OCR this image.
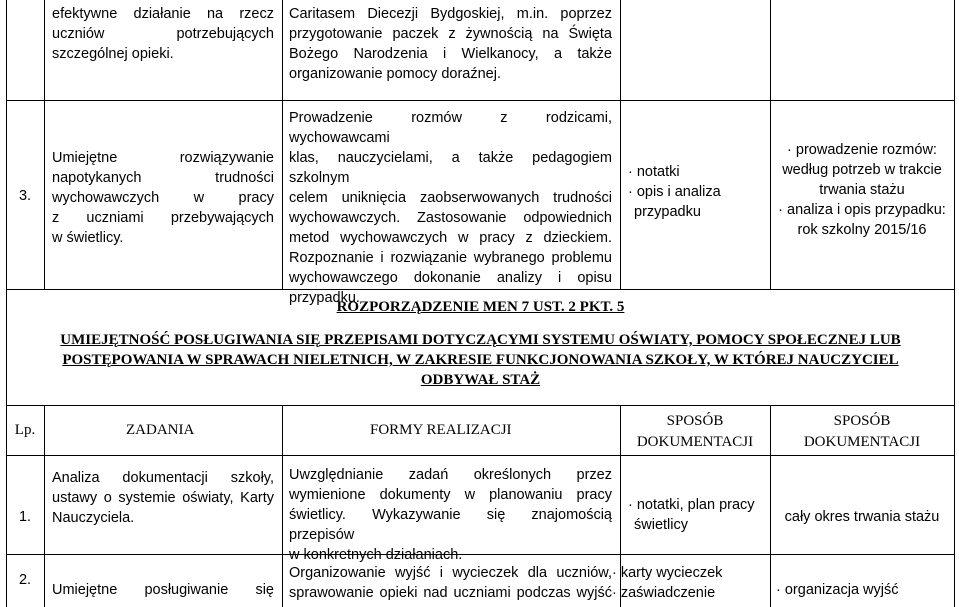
efektywne działanie na rzecz
uczniów potrzebujących
szczególnej opieki.
Caritasem Diecezji Bydgoskiej, m.in. poprzez
przygotowanie paczek z żywnością na Święta
Bożego Narodzenia i Wielkanocy, a także
organizowanie pomocy doraźnej.
3.
Umiejętne rozwiązywanie
napotykanych trudności
wychowawczych w pracy
z uczniami przebywających
w świetlicy.
Prowadzenie rozmów z rodzicami, wychowawcami
klas, nauczycielami, a także pedagogiem szkolnym
celem uniknięcia zaobserwowanych trudności
wychowawczych. Zastosowanie odpowiednich
metod wychowawczych w pracy z dzieckiem.
Rozpoznanie i rozwiązanie wybranego problemu
wychowawczego dokonanie analizy i opisu
przypadku.
· notatki
· opis i analiza
przypadku
· prowadzenie rozmów:
według potrzeb w trakcie
trwania stażu
· analiza i opis przypadku:
rok szkolny 2015/16
ROZPORZĄDZENIE MEN 7 UST. 2 PKT. 5
UMIEJĘTNOŚĆ POSŁUGIWANIA SIĘ PRZEPISAMI DOTYCZĄCYMI SYSTEMU OŚWIATY, POMOCY SPOŁECZNEJ LUB
POSTĘPOWANIA W SPRAWACH NIELETNICH, W ZAKRESIE FUNKCJONOWANIA SZKOŁY, W KTÓREJ NAUCZYCIEL
ODBYWAŁ STAŻ
Lp.	ZADANIA	FORMY REALIZACJI
SPOSÓB
DOKUMENTACJI
SPOSÓB
DOKUMENTACJI
1.
Analiza dokumentacji szkoły,
ustawy o systemie oświaty, Karty
Nauczyciela.
Uwzględnianie zadań określonych przez
wymienione dokumenty w planowaniu pracy
świetlicy. Wykazywanie się znajomością przepisów
w konkretnych działaniach.
· notatki, plan pracy
świetlicy	cały okres trwania stażu
2.
Umiejętne posługiwanie się
Organizowanie wyjść i wycieczek dla uczniów,
sprawowanie opieki nad uczniami podczas wyjść
· karty wycieczek
· zaświadczenie
·	organizacja wyjść
